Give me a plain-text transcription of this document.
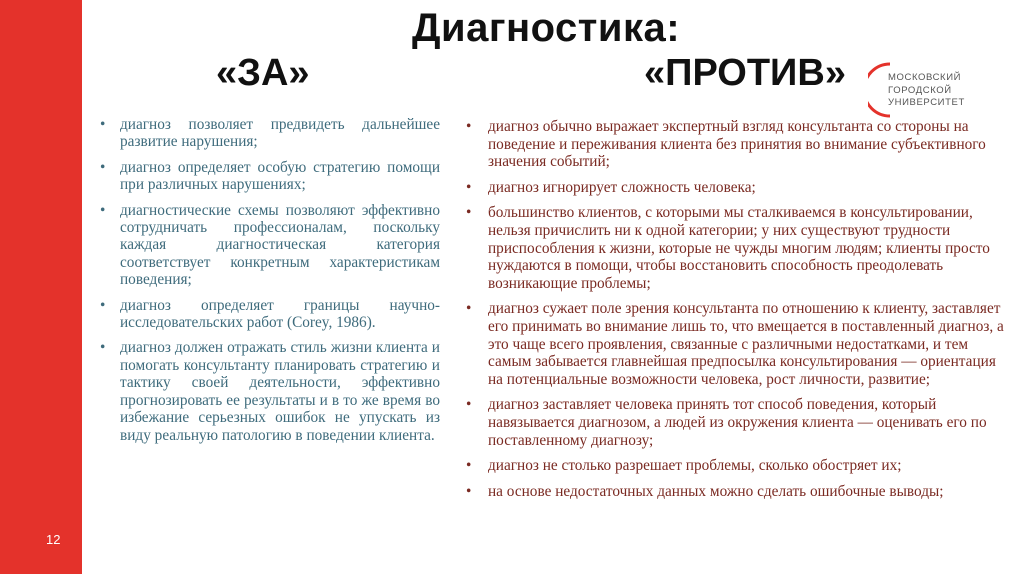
12
Диагностика:
«ЗА»	«ПРОТИВ»	МОСКОВСКИЙ
ГОРОДСКОЙ
УНИВЕРСИТЕТ
• диагноз позволяет предвидеть дальнейшее развитие нарушения;
• диагноз определяет особую стратегию помощи при различных нарушениях;
• диагностические схемы позволяют эффективно сотрудничать профессионалам, поскольку каждая диагностическая категория соответствует конкретным характеристикам поведения;
• диагноз определяет границы научно-исследовательских работ (Corey, 1986).
• диагноз должен отражать стиль жизни клиента и помогать консультанту планировать стратегию и тактику своей деятельности, эффективно прогнозировать ее результаты и в то же время во избежание серьезных ошибок не упускать из виду реальную патологию в поведении клиента.
• диагноз обычно выражает экспертный взгляд консультанта со стороны на поведение и переживания клиента без принятия во внимание субъективного значения событий;
• диагноз игнорирует сложность человека;
• большинство клиентов, с которыми мы сталкиваемся в консультировании, нельзя причислить ни к одной категории; у них существуют трудности приспособления к жизни, которые не чужды многим людям; клиенты просто нуждаются в помощи, чтобы восстановить способность преодолевать возникающие проблемы;
• диагноз сужает поле зрения консультанта по отношению к клиенту, заставляет его принимать во внимание лишь то, что вмещается в поставленный диагноз, а это чаще всего проявления, связанные с различными недостатками, и тем самым забывается главнейшая предпосылка консультирования — ориентация на потенциальные возможности человека, рост личности, развитие;
• диагноз заставляет человека принять тот способ поведения, который навязывается диагнозом, а людей из окружения клиента — оценивать его по поставленному диагнозу;
• диагноз не столько разрешает проблемы, сколько обостряет их;
• на основе недостаточных данных можно сделать ошибочные выводы;
